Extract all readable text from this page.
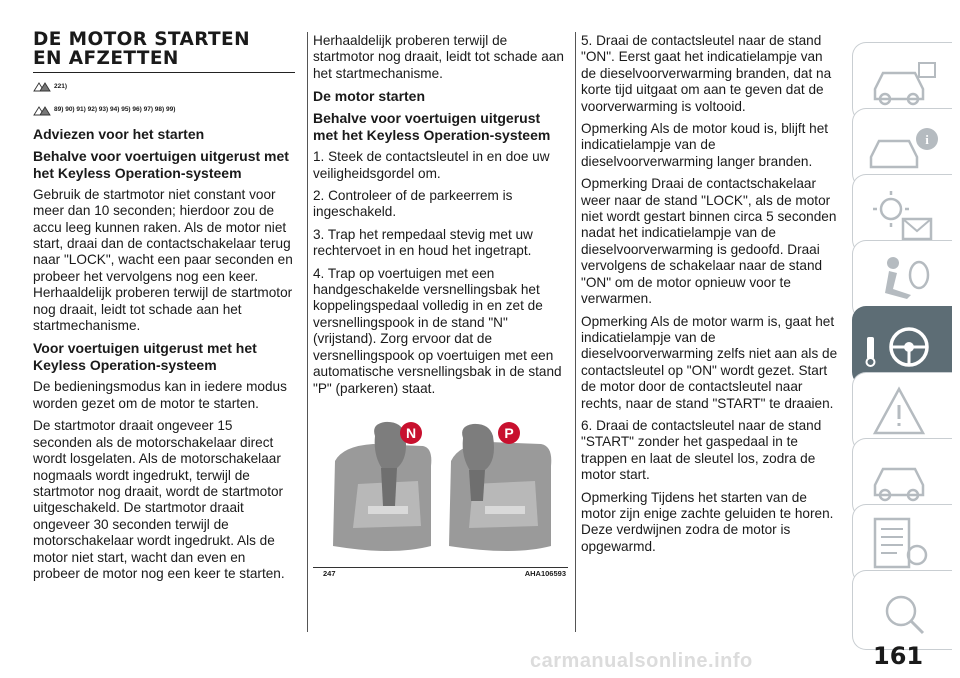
DE MOTOR STARTEN
EN AFZETTEN
221)
89) 90) 91) 92) 93) 94) 95) 96) 97) 98) 99)
Adviezen voor het starten
Behalve voor voertuigen uitgerust met het Keyless Operation-systeem

Gebruik de startmotor niet constant voor meer dan 10 seconden; hierdoor zou de accu leeg kunnen raken. Als de motor niet start, draai dan de contactschakelaar terug naar "LOCK", wacht een paar seconden en probeer het vervolgens nog een keer. Herhaaldelijk proberen terwijl de startmotor nog draait, leidt tot schade aan het startmechanisme.

Voor voertuigen uitgerust met het Keyless Operation-systeem

De bedieningsmodus kan in iedere modus worden gezet om de motor te starten.

De startmotor draait ongeveer 15 seconden als de motorschakelaar direct wordt losgelaten. Als de motorschakelaar nogmaals wordt ingedrukt, terwijl de startmotor nog draait, wordt de startmotor uitgeschakeld. De startmotor draait ongeveer 30 seconden terwijl de motorschakelaar wordt ingedrukt. Als de motor niet start, wacht dan even en probeer de motor nog een keer te starten.

Herhaaldelijk proberen terwijl de startmotor nog draait, leidt tot schade aan het startmechanisme.

De motor starten
Behalve voor voertuigen uitgerust met het Keyless Operation-systeem

1. Steek de contactsleutel in en doe uw veiligheidsgordel om.

2. Controleer of de parkeerrem is ingeschakeld.

3. Trap het rempedaal stevig met uw rechtervoet in en houd het ingetrapt.

4. Trap op voertuigen met een handgeschakelde versnellingsbak het koppelingspedaal volledig in en zet de versnellingspook in de stand "N" (vrijstand). Zorg ervoor dat de versnellingspook op voertuigen met een automatische versnellingsbak in de stand "P" (parkeren) staat.

N	P
247	AHA106593

5. Draai de contactsleutel naar de stand "ON". Eerst gaat het indicatielampje van de dieselvoorverwarming branden, dat na korte tijd uitgaat om aan te geven dat de voorverwarming is voltooid.

Opmerking Als de motor koud is, blijft het indicatielampje van de dieselvoorverwarming langer branden.

Opmerking Draai de contactschakelaar weer naar de stand "LOCK", als de motor niet wordt gestart binnen circa 5 seconden nadat het indicatielampje van de dieselvoorverwarming is gedoofd. Draai vervolgens de schakelaar naar de stand "ON" om de motor opnieuw voor te verwarmen.

Opmerking Als de motor warm is, gaat het indicatielampje van de dieselvoorverwarming zelfs niet aan als de contactsleutel op "ON" wordt gezet. Start de motor door de contactsleutel naar rechts, naar de stand "START" te draaien.

6. Draai de contactsleutel naar de stand "START" zonder het gaspedaal in te trappen en laat de sleutel los, zodra de motor start.

Opmerking Tijdens het starten van de motor zijn enige zachte geluiden te horen. Deze verdwijnen zodra de motor is opgewarmd.

i
161
carmanualsonline.info
